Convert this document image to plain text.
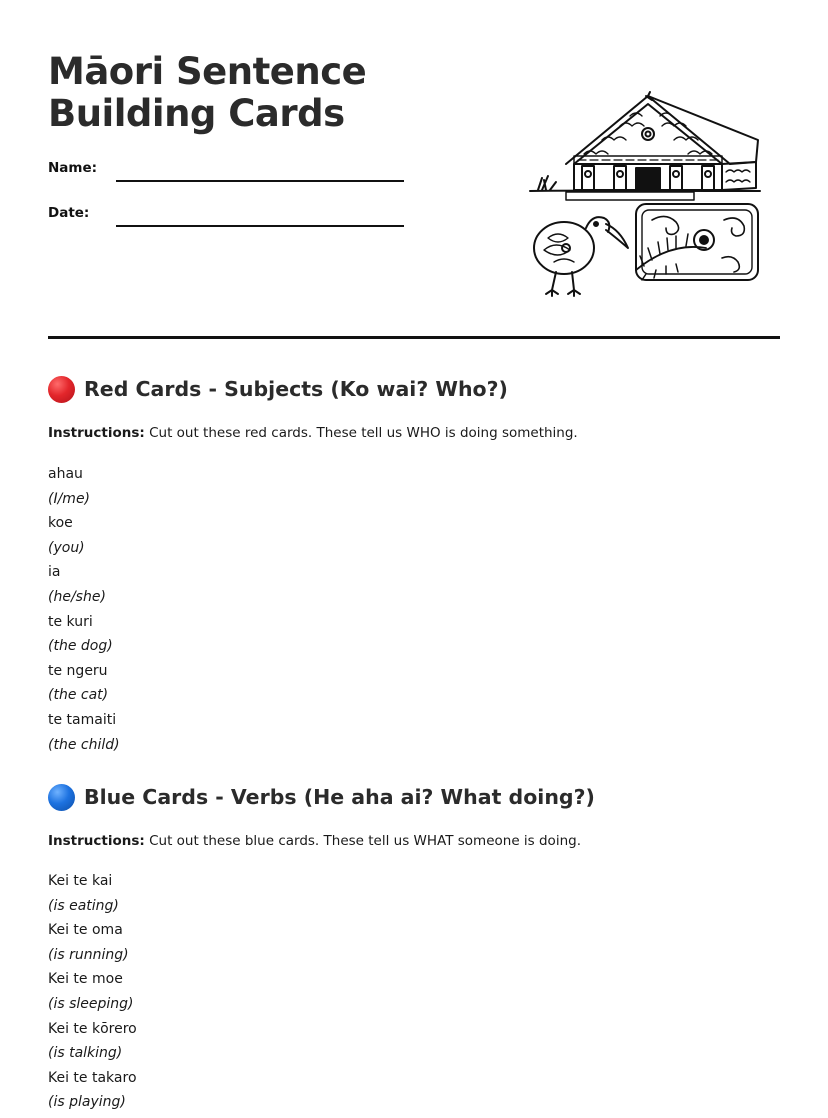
Māori Sentence
Building Cards
Name:
Date:
Red Cards - Subjects (Ko wai? Who?)

Instructions: Cut out these red cards. These tell us WHO is doing something.

ahau
(I/me)
koe
(you)
ia
(he/she)
te kuri
(the dog)
te ngeru
(the cat)
te tamaiti
(the child)
Blue Cards - Verbs (He aha ai? What doing?)

Instructions: Cut out these blue cards. These tell us WHAT someone is doing.

Kei te kai
(is eating)
Kei te oma
(is running)
Kei te moe
(is sleeping)
Kei te kōrero
(is talking)
Kei te takaro
(is playing)
